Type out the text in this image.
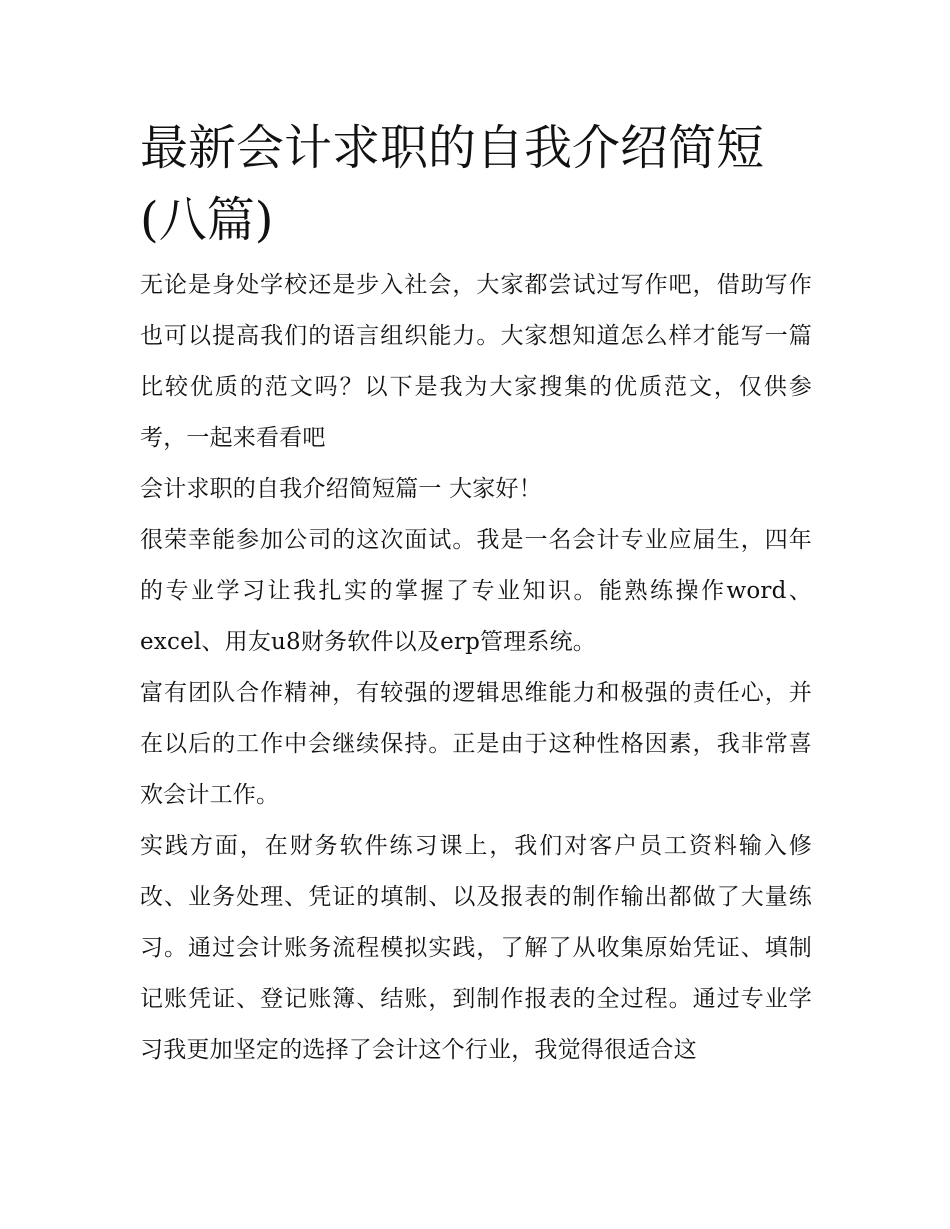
最新会计求职的自我介绍简短(八篇)

无论是身处学校还是步入社会，大家都尝试过写作吧，借助写作也可以提高我们的语言组织能力。大家想知道怎么样才能写一篇比较优质的范文吗？以下是我为大家搜集的优质范文，仅供参考，一起来看看吧

会计求职的自我介绍简短篇一 大家好！

很荣幸能参加公司的这次面试。我是一名会计专业应届生，四年的专业学习让我扎实的掌握了专业知识。能熟练操作word、excel、用友u8财务软件以及erp管理系统。

富有团队合作精神，有较强的逻辑思维能力和极强的责任心，并在以后的工作中会继续保持。正是由于这种性格因素，我非常喜欢会计工作。

实践方面，在财务软件练习课上，我们对客户员工资料输入修改、业务处理、凭证的填制、以及报表的制作输出都做了大量练习。通过会计账务流程模拟实践，了解了从收集原始凭证、填制记账凭证、登记账簿、结账，到制作报表的全过程。通过专业学习我更加坚定的选择了会计这个行业，我觉得很适合这
